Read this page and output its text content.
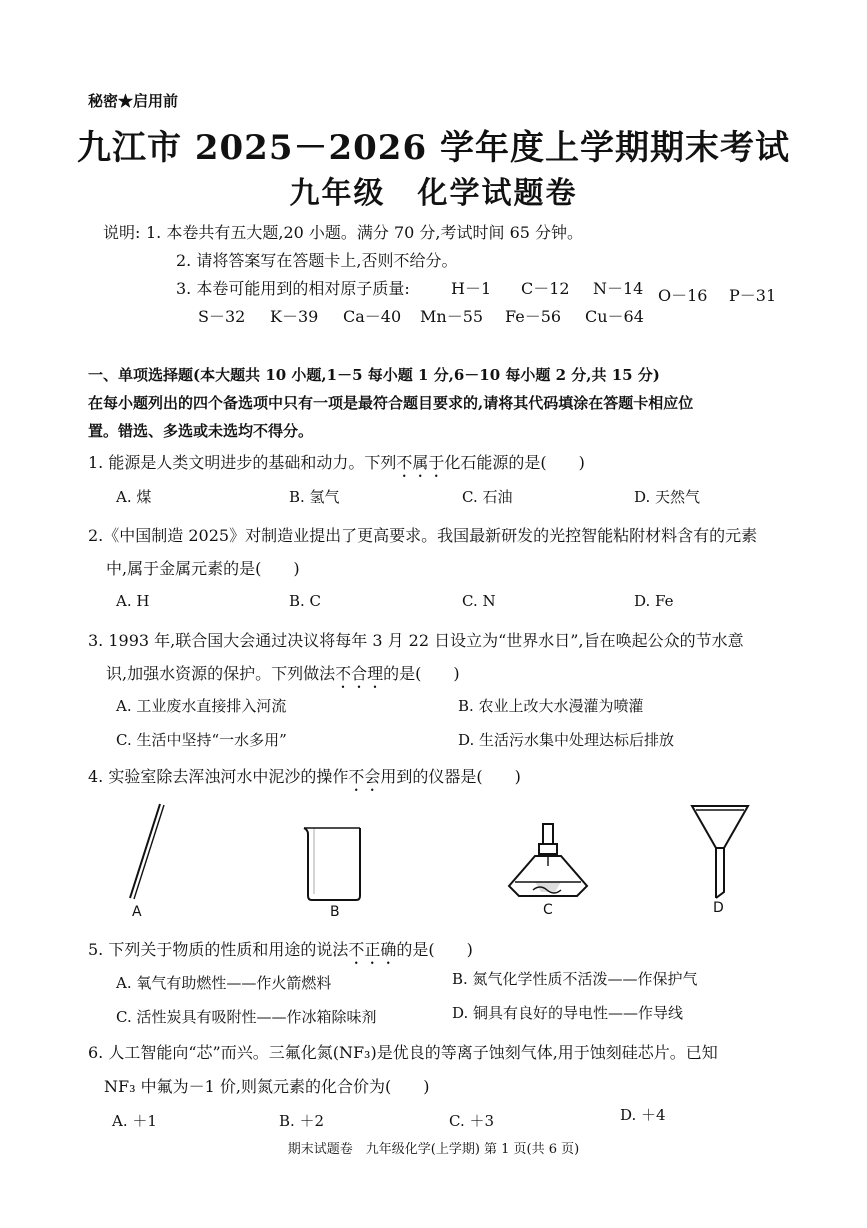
秘密★启用前
九江市 2025－2026 学年度上学期期末考试
九年级　化学试题卷
说明: 1. 本卷共有五大题,20 小题。满分 70 分,考试时间 65 分钟。
2. 请将答案写在答题卡上,否则不给分。
3. 本卷可能用到的相对原子质量:	H－1 C－12 N－14 O－16 P－31
S－32 K－39 Ca－40 Mn－55 Fe－56 Cu－64
一、单项选择题(本大题共 10 小题,1－5 每小题 1 分,6－10 每小题 2 分,共 15 分)
在每小题列出的四个备选项中只有一项是最符合题目要求的,请将其代码填涂在答题卡相应位
置。错选、多选或未选均不得分。
1. 能源是人类文明进步的基础和动力。下列不属于化石能源的是(　　)
A. 煤	B. 氢气	C. 石油	D. 天然气
2.《中国制造 2025》对制造业提出了更高要求。我国最新研发的光控智能粘附材料含有的元素
中,属于金属元素的是(　　)
A. H	B. C	C. N	D. Fe
3. 1993 年,联合国大会通过决议将每年 3 月 22 日设立为“世界水日”,旨在唤起公众的节水意
识,加强水资源的保护。下列做法不合理的是(　　)
A. 工业废水直接排入河流	B. 农业上改大水漫灌为喷灌
C. 生活中坚持“一水多用”	D. 生活污水集中处理达标后排放
4. 实验室除去浑浊河水中泥沙的操作不会用到的仪器是(　　)
A	B	C	D
5. 下列关于物质的性质和用途的说法不正确的是(　　)
A. 氧气有助燃性——作火箭燃料	B. 氮气化学性质不活泼——作保护气
C. 活性炭具有吸附性——作冰箱除味剂	D. 铜具有良好的导电性——作导线
6. 人工智能向“芯”而兴。三氟化氮(NF₃)是优良的等离子蚀刻气体,用于蚀刻硅芯片。已知
NF₃ 中氟为－1 价,则氮元素的化合价为(　　)
A. ＋1	B. ＋2	C. ＋3	D. ＋4
期末试题卷　九年级化学(上学期) 第 1 页(共 6 页)
